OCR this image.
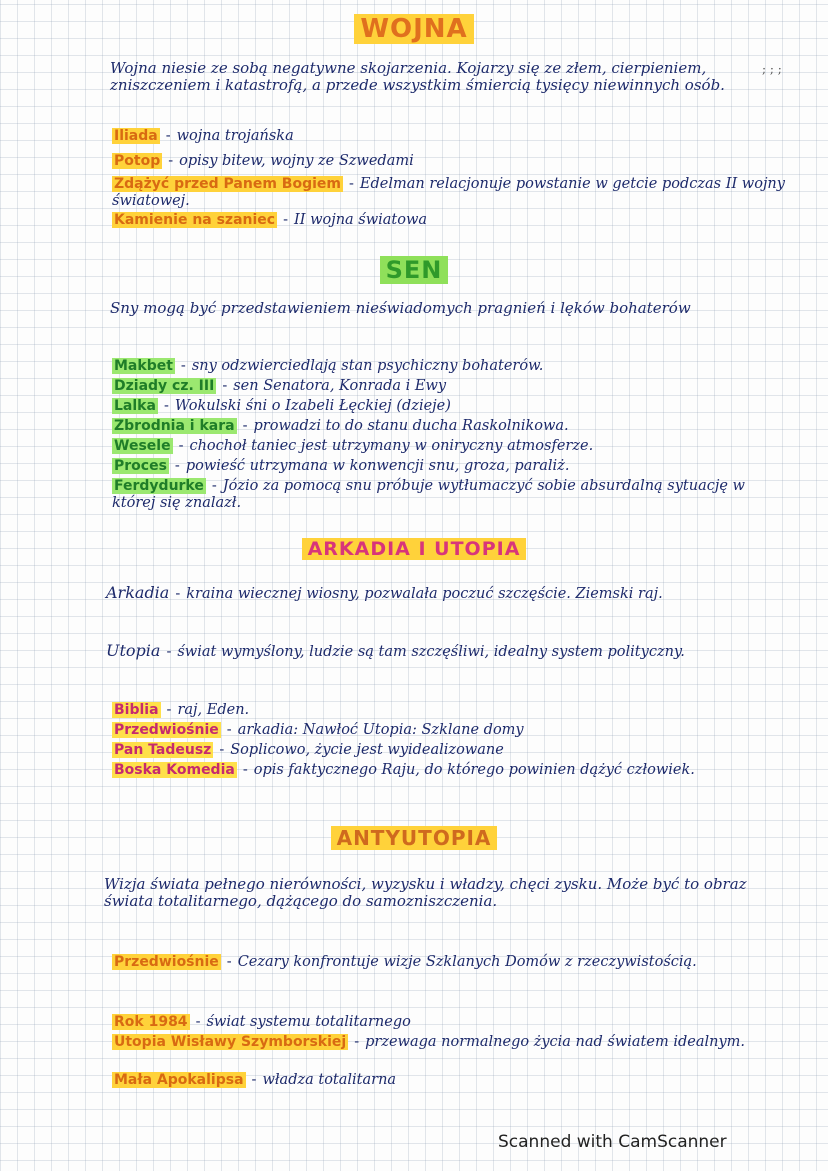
; ; ;
WOJNA
Wojna niesie ze sobą negatywne skojarzenia. Kojarzy się ze złem, cierpieniem, zniszczeniem i katastrofą, a przede wszystkim śmiercią tysięcy niewinnych osób.
Iliada - wojna trojańska
Potop - opisy bitew, wojny ze Szwedami
Zdążyć przed Panem Bogiem - Edelman relacjonuje powstanie w getcie podczas II wojny światowej.
Kamienie na szaniec - II wojna światowa
SEN
Sny mogą być przedstawieniem nieświadomych pragnień i lęków bohaterów
Makbet - sny odzwierciedlają stan psychiczny bohaterów.
Dziady cz. III - sen Senatora, Konrada i Ewy
Lalka - Wokulski śni o Izabeli Łęckiej (dzieje)
Zbrodnia i kara - prowadzi to do stanu ducha Raskolnikowa.
Wesele - chochoł taniec jest utrzymany w oniryczny atmosferze.
Proces - powieść utrzymana w konwencji snu, groza, paraliż.
Ferdydurke - Józio za pomocą snu próbuje wytłumaczyć sobie absurdalną sytuację w której się znalazł.
ARKADIA I UTOPIA
Arkadia - kraina wiecznej wiosny, pozwalała poczuć szczęście. Ziemski raj.
Utopia - świat wymyślony, ludzie są tam szczęśliwi, idealny system polityczny.
Biblia - raj, Eden.
Przedwiośnie - arkadia: Nawłoć Utopia: Szklane domy
Pan Tadeusz - Soplicowo, życie jest wyidealizowane
Boska Komedia - opis faktycznego Raju, do którego powinien dążyć człowiek.
ANTYUTOPIA
Wizja świata pełnego nierówności, wyzysku i władzy, chęci zysku. Może być to obraz świata totalitarnego, dążącego do samozniszczenia.
Przedwiośnie - Cezary konfrontuje wizje Szklanych Domów z rzeczywistością.
Rok 1984 - świat systemu totalitarnego
Utopia Wisławy Szymborskiej - przewaga normalnego życia nad światem idealnym.
Mała Apokalipsa - władza totalitarna
Scanned with CamScanner
